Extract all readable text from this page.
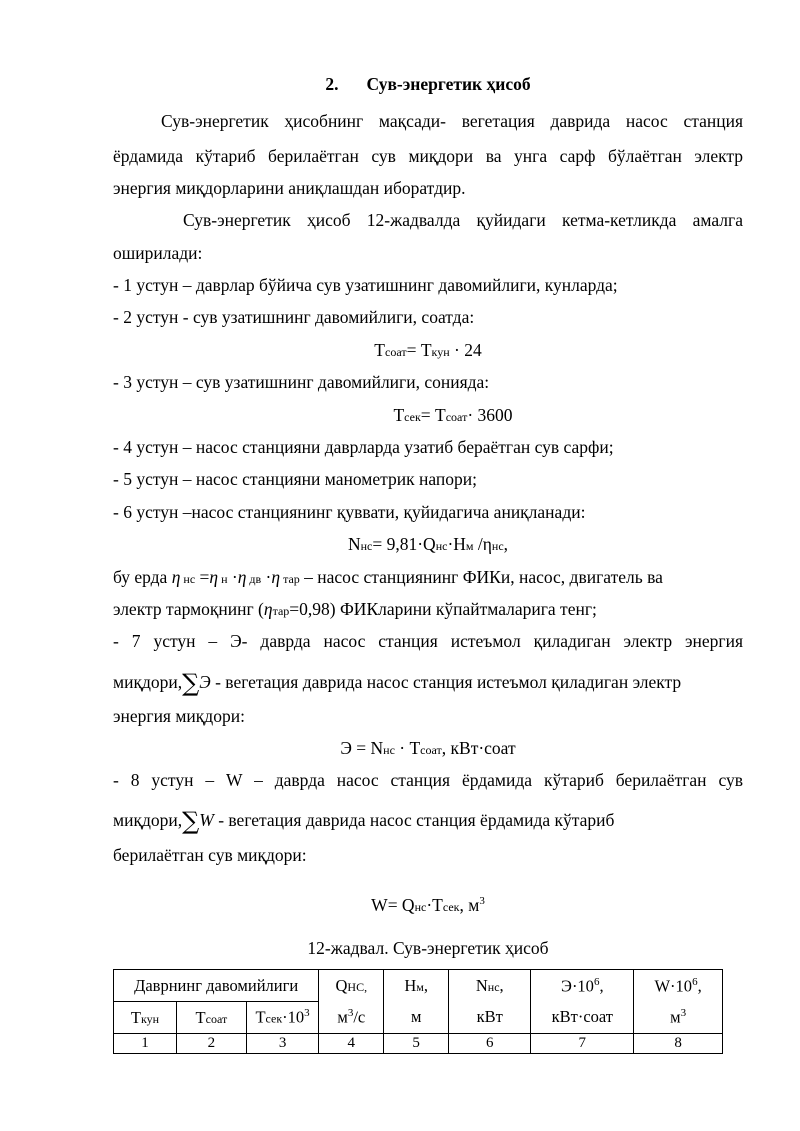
2. Сув-энергетик ҳисоб
Сув-энергетик ҳисобнинг мақсади- вегетация даврида насос станция
ёрдамида кўтариб берилаётган сув миқдори ва унга сарф бўлаётган электр
энергия миқдорларини аниқлашдан иборатдир.
Сув-энергетик ҳисоб 12-жадвалда қуйидаги кетма-кетликда амалга
оширилади:
- 1 устун – даврлар бўйича сув узатишнинг давомийлиги, кунларда;
- 2 устун - сув узатишнинг давомийлиги, соатда:
Тсоат= Ткун · 24
- 3 устун – сув узатишнинг давомийлиги, сонияда:
Тсек= Тсоат· 3600
- 4 устун – насос станцияни даврларда узатиб бераётган сув сарфи;
- 5 устун – насос станцияни манометрик напори;
- 6 устун –насос станциянинг қуввати, қуйидагича аниқланади:
Nнс= 9,81·Qнс·Hм /ηнс,
бу ерда η нс =η н ·η дв ·η тар – насос станциянинг ФИКи, насос, двигатель ва
электр тармоқнинг (ηтар=0,98) ФИКларини кўпайтмаларига тенг;
- 7 устун – Э- даврда насос станция истеъмол қиладиган электр энергия
миқдори,∑Э - вегетация даврида насос станция истеъмол қиладиган электр
энергия миқдори:
Э = Nнс · Тсоат, кВт·соат
- 8 устун – W – даврда насос станция ёрдамида кўтариб берилаётган сув
миқдори,∑W - вегетация даврида насос станция ёрдамида кўтариб
берилаётган сув миқдори:
W= Qнс·Тсек, $м^3$
12-жадвал. Сув-энергетик ҳисоб
Даврнинг давомийлиги			QНС,	Hм,	Nнс,	$Э\cdot 10^6$,	$W\cdot 10^6$,
Ткун	Тсоат	$Тсек\cdot 10^3$	$м^3/с$	м	кВт	кВт·соат	$м^3$
1	2	3	4	5	6	7	8
